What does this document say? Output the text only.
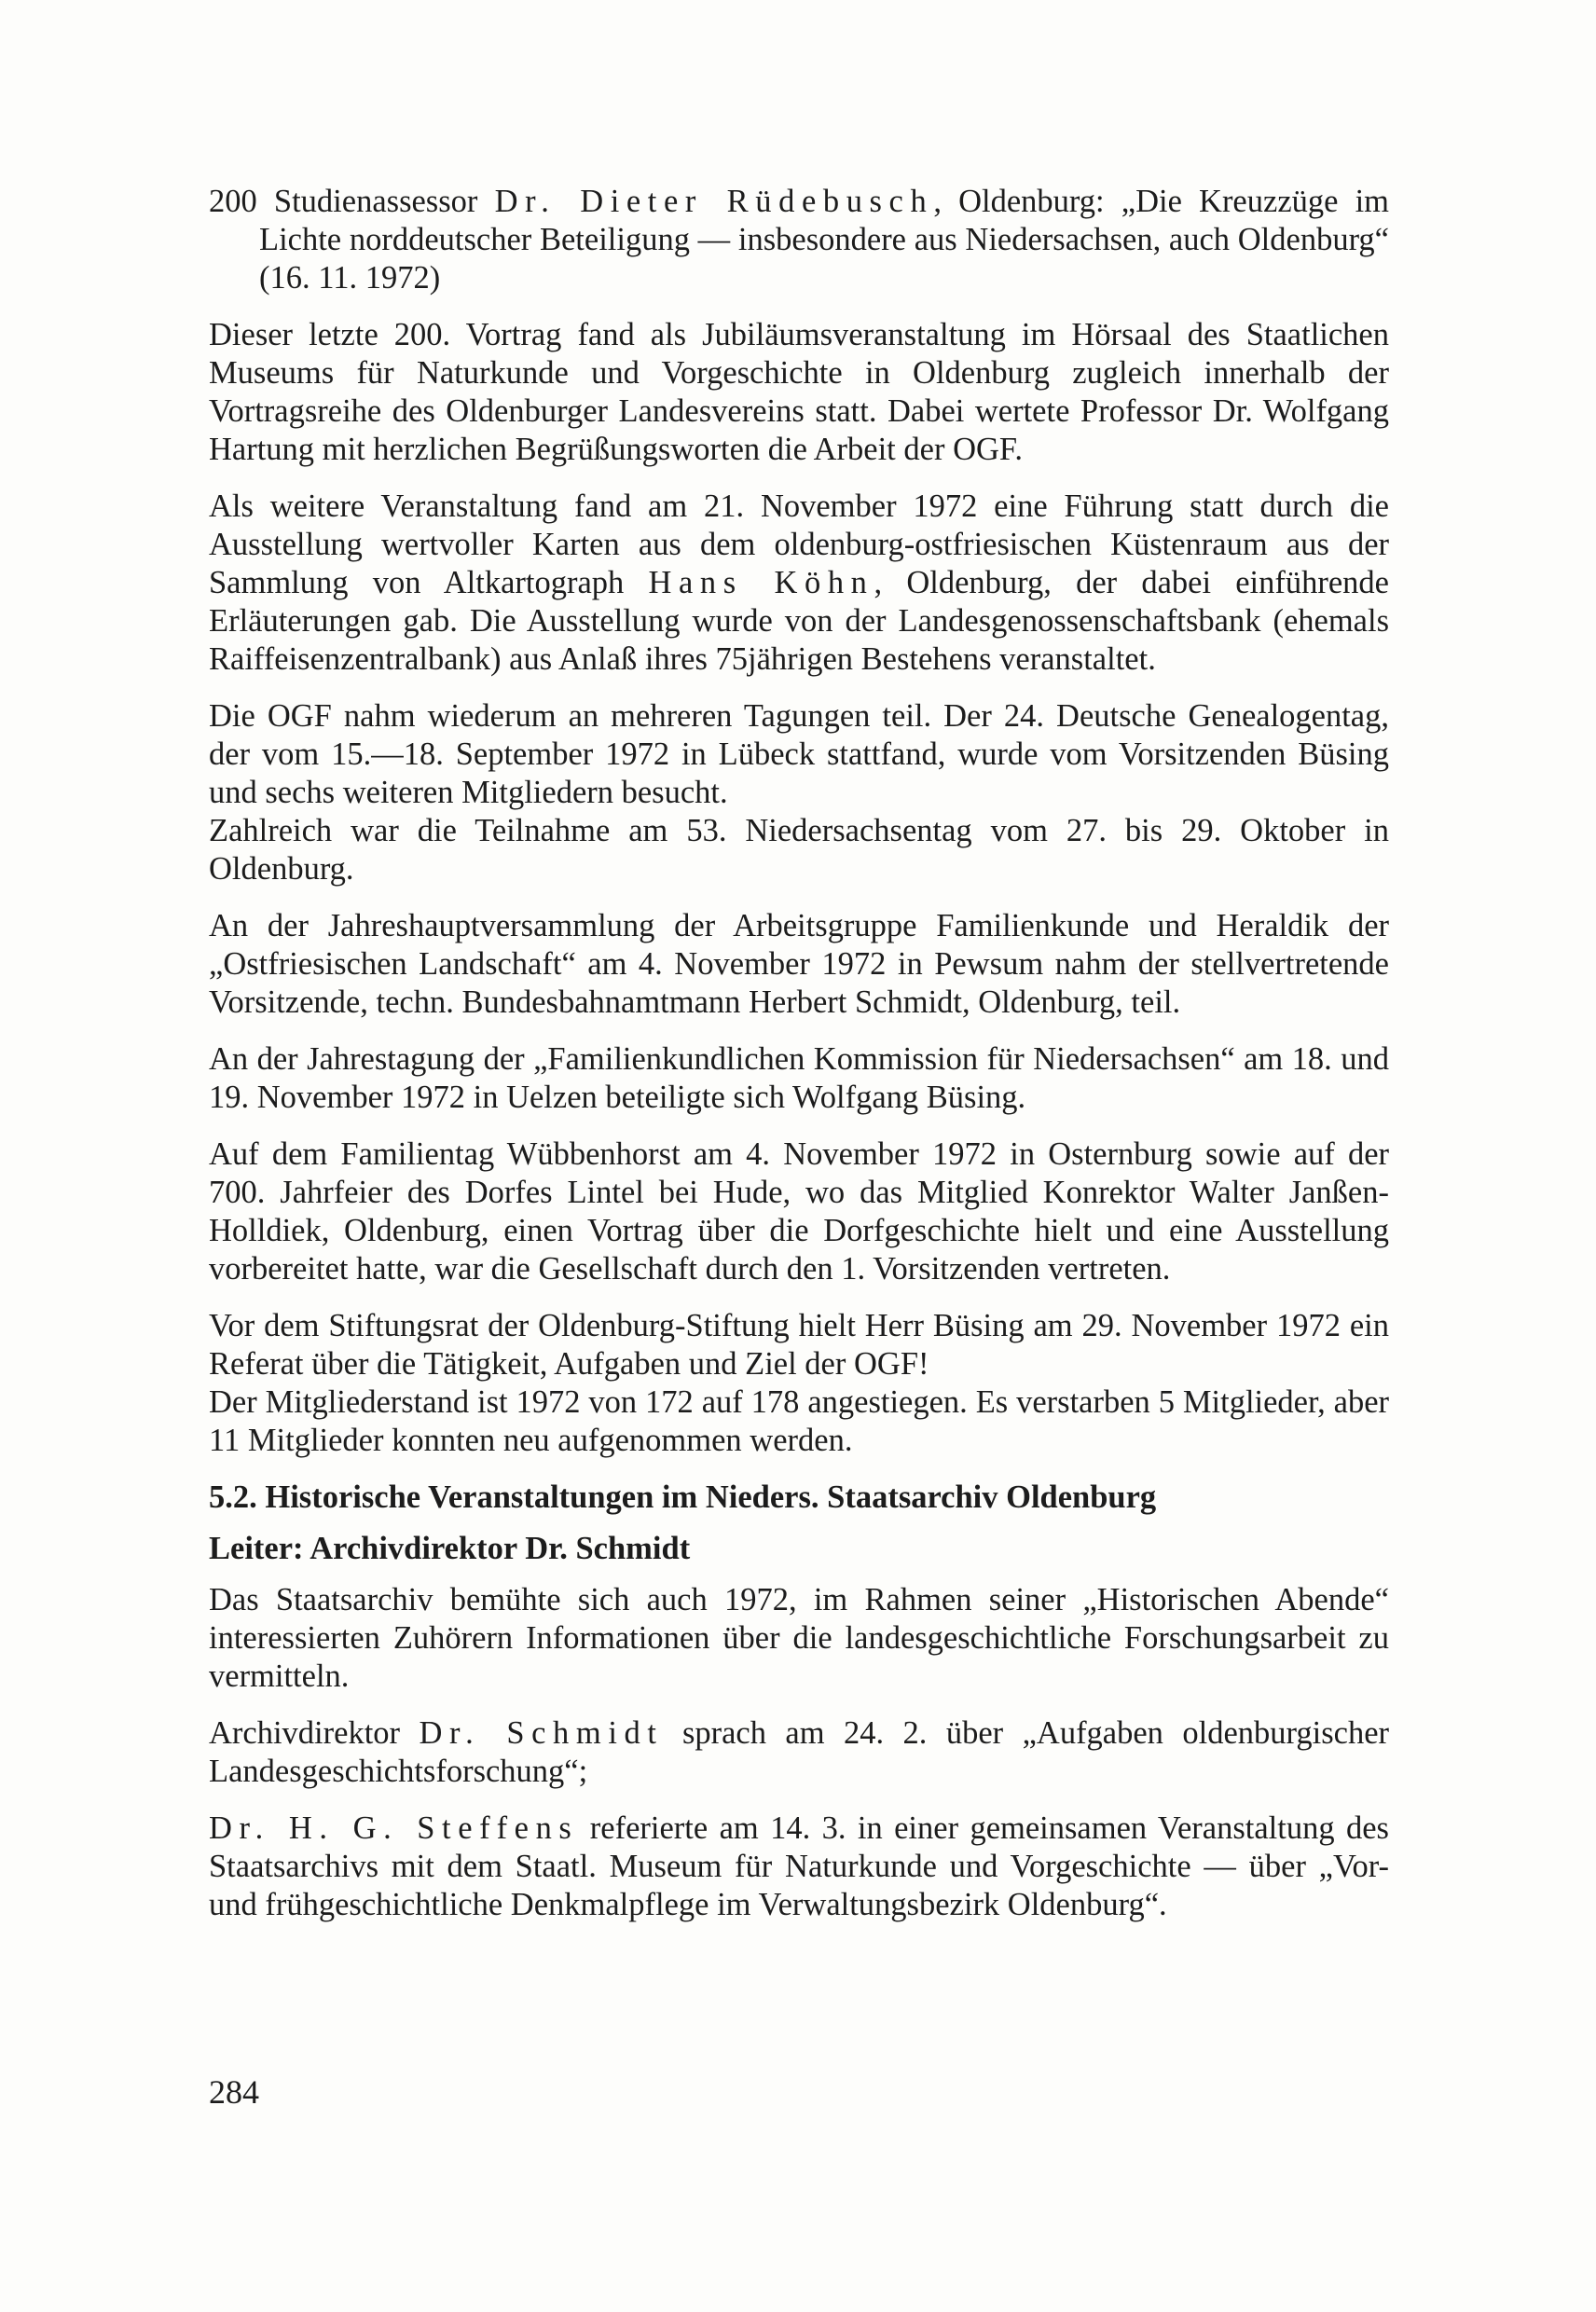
200 Studienassessor Dr. Dieter Rüdebusch, Oldenburg: „Die Kreuzzüge im Lichte norddeutscher Beteiligung — insbesondere aus Niedersachsen, auch Oldenburg“ (16. 11. 1972)

Dieser letzte 200. Vortrag fand als Jubiläumsveranstaltung im Hörsaal des Staatlichen Museums für Naturkunde und Vorgeschichte in Oldenburg zugleich innerhalb der Vortragsreihe des Oldenburger Landesvereins statt. Dabei wertete Professor Dr. Wolfgang Hartung mit herzlichen Begrüßungsworten die Arbeit der OGF.

Als weitere Veranstaltung fand am 21. November 1972 eine Führung statt durch die Ausstellung wertvoller Karten aus dem oldenburg-ostfriesischen Küstenraum aus der Sammlung von Altkartograph Hans Köhn, Oldenburg, der dabei einführende Erläuterungen gab. Die Ausstellung wurde von der Landesgenossenschaftsbank (ehemals Raiffeisenzentralbank) aus Anlaß ihres 75jährigen Bestehens veranstaltet.

Die OGF nahm wiederum an mehreren Tagungen teil. Der 24. Deutsche Genealogentag, der vom 15.—18. September 1972 in Lübeck stattfand, wurde vom Vorsitzenden Büsing und sechs weiteren Mitgliedern besucht.

Zahlreich war die Teilnahme am 53. Niedersachsentag vom 27. bis 29. Oktober in Oldenburg.

An der Jahreshauptversammlung der Arbeitsgruppe Familienkunde und Heraldik der „Ostfriesischen Landschaft“ am 4. November 1972 in Pewsum nahm der stellvertretende Vorsitzende, techn. Bundesbahnamtmann Herbert Schmidt, Oldenburg, teil.

An der Jahrestagung der „Familienkundlichen Kommission für Niedersachsen“ am 18. und 19. November 1972 in Uelzen beteiligte sich Wolfgang Büsing.

Auf dem Familientag Wübbenhorst am 4. November 1972 in Osternburg sowie auf der 700. Jahrfeier des Dorfes Lintel bei Hude, wo das Mitglied Konrektor Walter Janßen-Holldiek, Oldenburg, einen Vortrag über die Dorfgeschichte hielt und eine Ausstellung vorbereitet hatte, war die Gesellschaft durch den 1. Vorsitzenden vertreten.

Vor dem Stiftungsrat der Oldenburg-Stiftung hielt Herr Büsing am 29. November 1972 ein Referat über die Tätigkeit, Aufgaben und Ziel der OGF!

Der Mitgliederstand ist 1972 von 172 auf 178 angestiegen. Es verstarben 5 Mitglieder, aber 11 Mitglieder konnten neu aufgenommen werden.

5.2. Historische Veranstaltungen im Nieders. Staatsarchiv Oldenburg

Leiter: Archivdirektor Dr. Schmidt

Das Staatsarchiv bemühte sich auch 1972, im Rahmen seiner „Historischen Abende“ interessierten Zuhörern Informationen über die landesgeschichtliche Forschungsarbeit zu vermitteln.

Archivdirektor Dr. Schmidt sprach am 24. 2. über „Aufgaben oldenburgischer Landesgeschichtsforschung“;

Dr. H. G. Steffens referierte am 14. 3. in einer gemeinsamen Veranstaltung des Staatsarchivs mit dem Staatl. Museum für Naturkunde und Vorgeschichte — über „Vor- und frühgeschichtliche Denkmalpflege im Verwaltungsbezirk Oldenburg“.

284
